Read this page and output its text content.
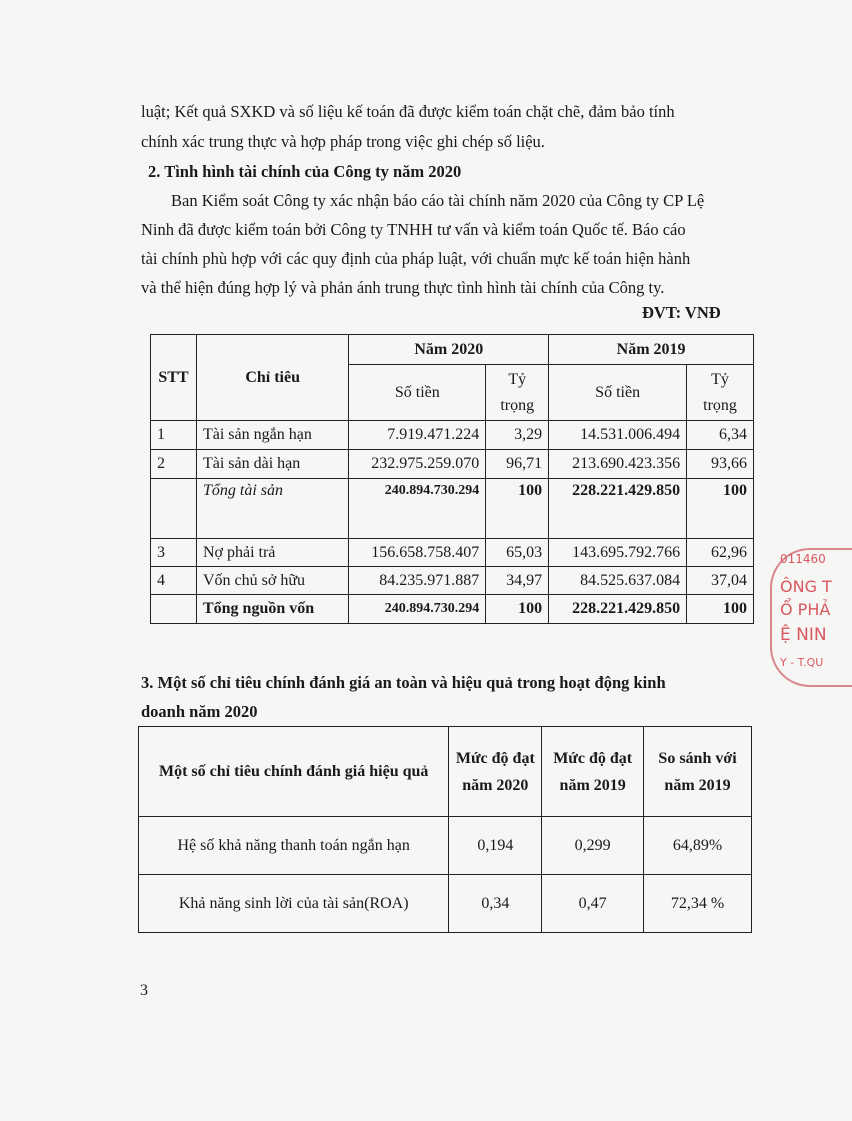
luật; Kết quả SXKD và số liệu kế toán đã được kiểm toán chặt chẽ, đảm bảo tính

chính xác trung thực và hợp pháp trong việc ghi chép số liệu.

2. Tình hình tài chính của Công ty năm 2020

Ban Kiểm soát Công ty xác nhận báo cáo tài chính năm 2020 của Công ty CP Lệ

Ninh đã được kiểm toán bởi Công ty TNHH tư vấn và kiểm toán Quốc tế. Báo cáo

tài chính phù hợp với các quy định của pháp luật, với chuẩn mực kế toán hiện hành

và thể hiện đúng hợp lý và phản ánh trung thực tình hình tài chính của Công ty.

ĐVT: VNĐ
STT	Chỉ tiêu	Năm 2020		Năm 2019	
		Số tiền	Tỷ trọng	Số tiền	Tỷ trọng
1	Tài sản ngắn hạn	7.919.471.224	3,29	14.531.006.494	6,34
2	Tài sản dài hạn	232.975.259.070	96,71	213.690.423.356	93,66
	Tổng tài sản	240.894.730.294	100	228.221.429.850	100
3	Nợ phải trả	156.658.758.407	65,03	143.695.792.766	62,96
4	Vốn chủ sở hữu	84.235.971.887	34,97	84.525.637.084	37,04
	Tổng nguồn vốn	240.894.730.294	100	228.221.429.850	100

3. Một số chỉ tiêu chính đánh giá an toàn và hiệu quả trong hoạt động kinh

doanh năm 2020

Một số chỉ tiêu chính đánh giá hiệu quả	Mức độ đạt năm 2020	Mức độ đạt năm 2019	So sánh với năm 2019
Hệ số khả năng thanh toán ngắn hạn	0,194	0,299	64,89%
Khả năng sinh lời của tài sản(ROA)	0,34	0,47	72,34 %
011460
ÔNG T
Ổ PHẢ
Ệ NIN
Y - T.QU
3
